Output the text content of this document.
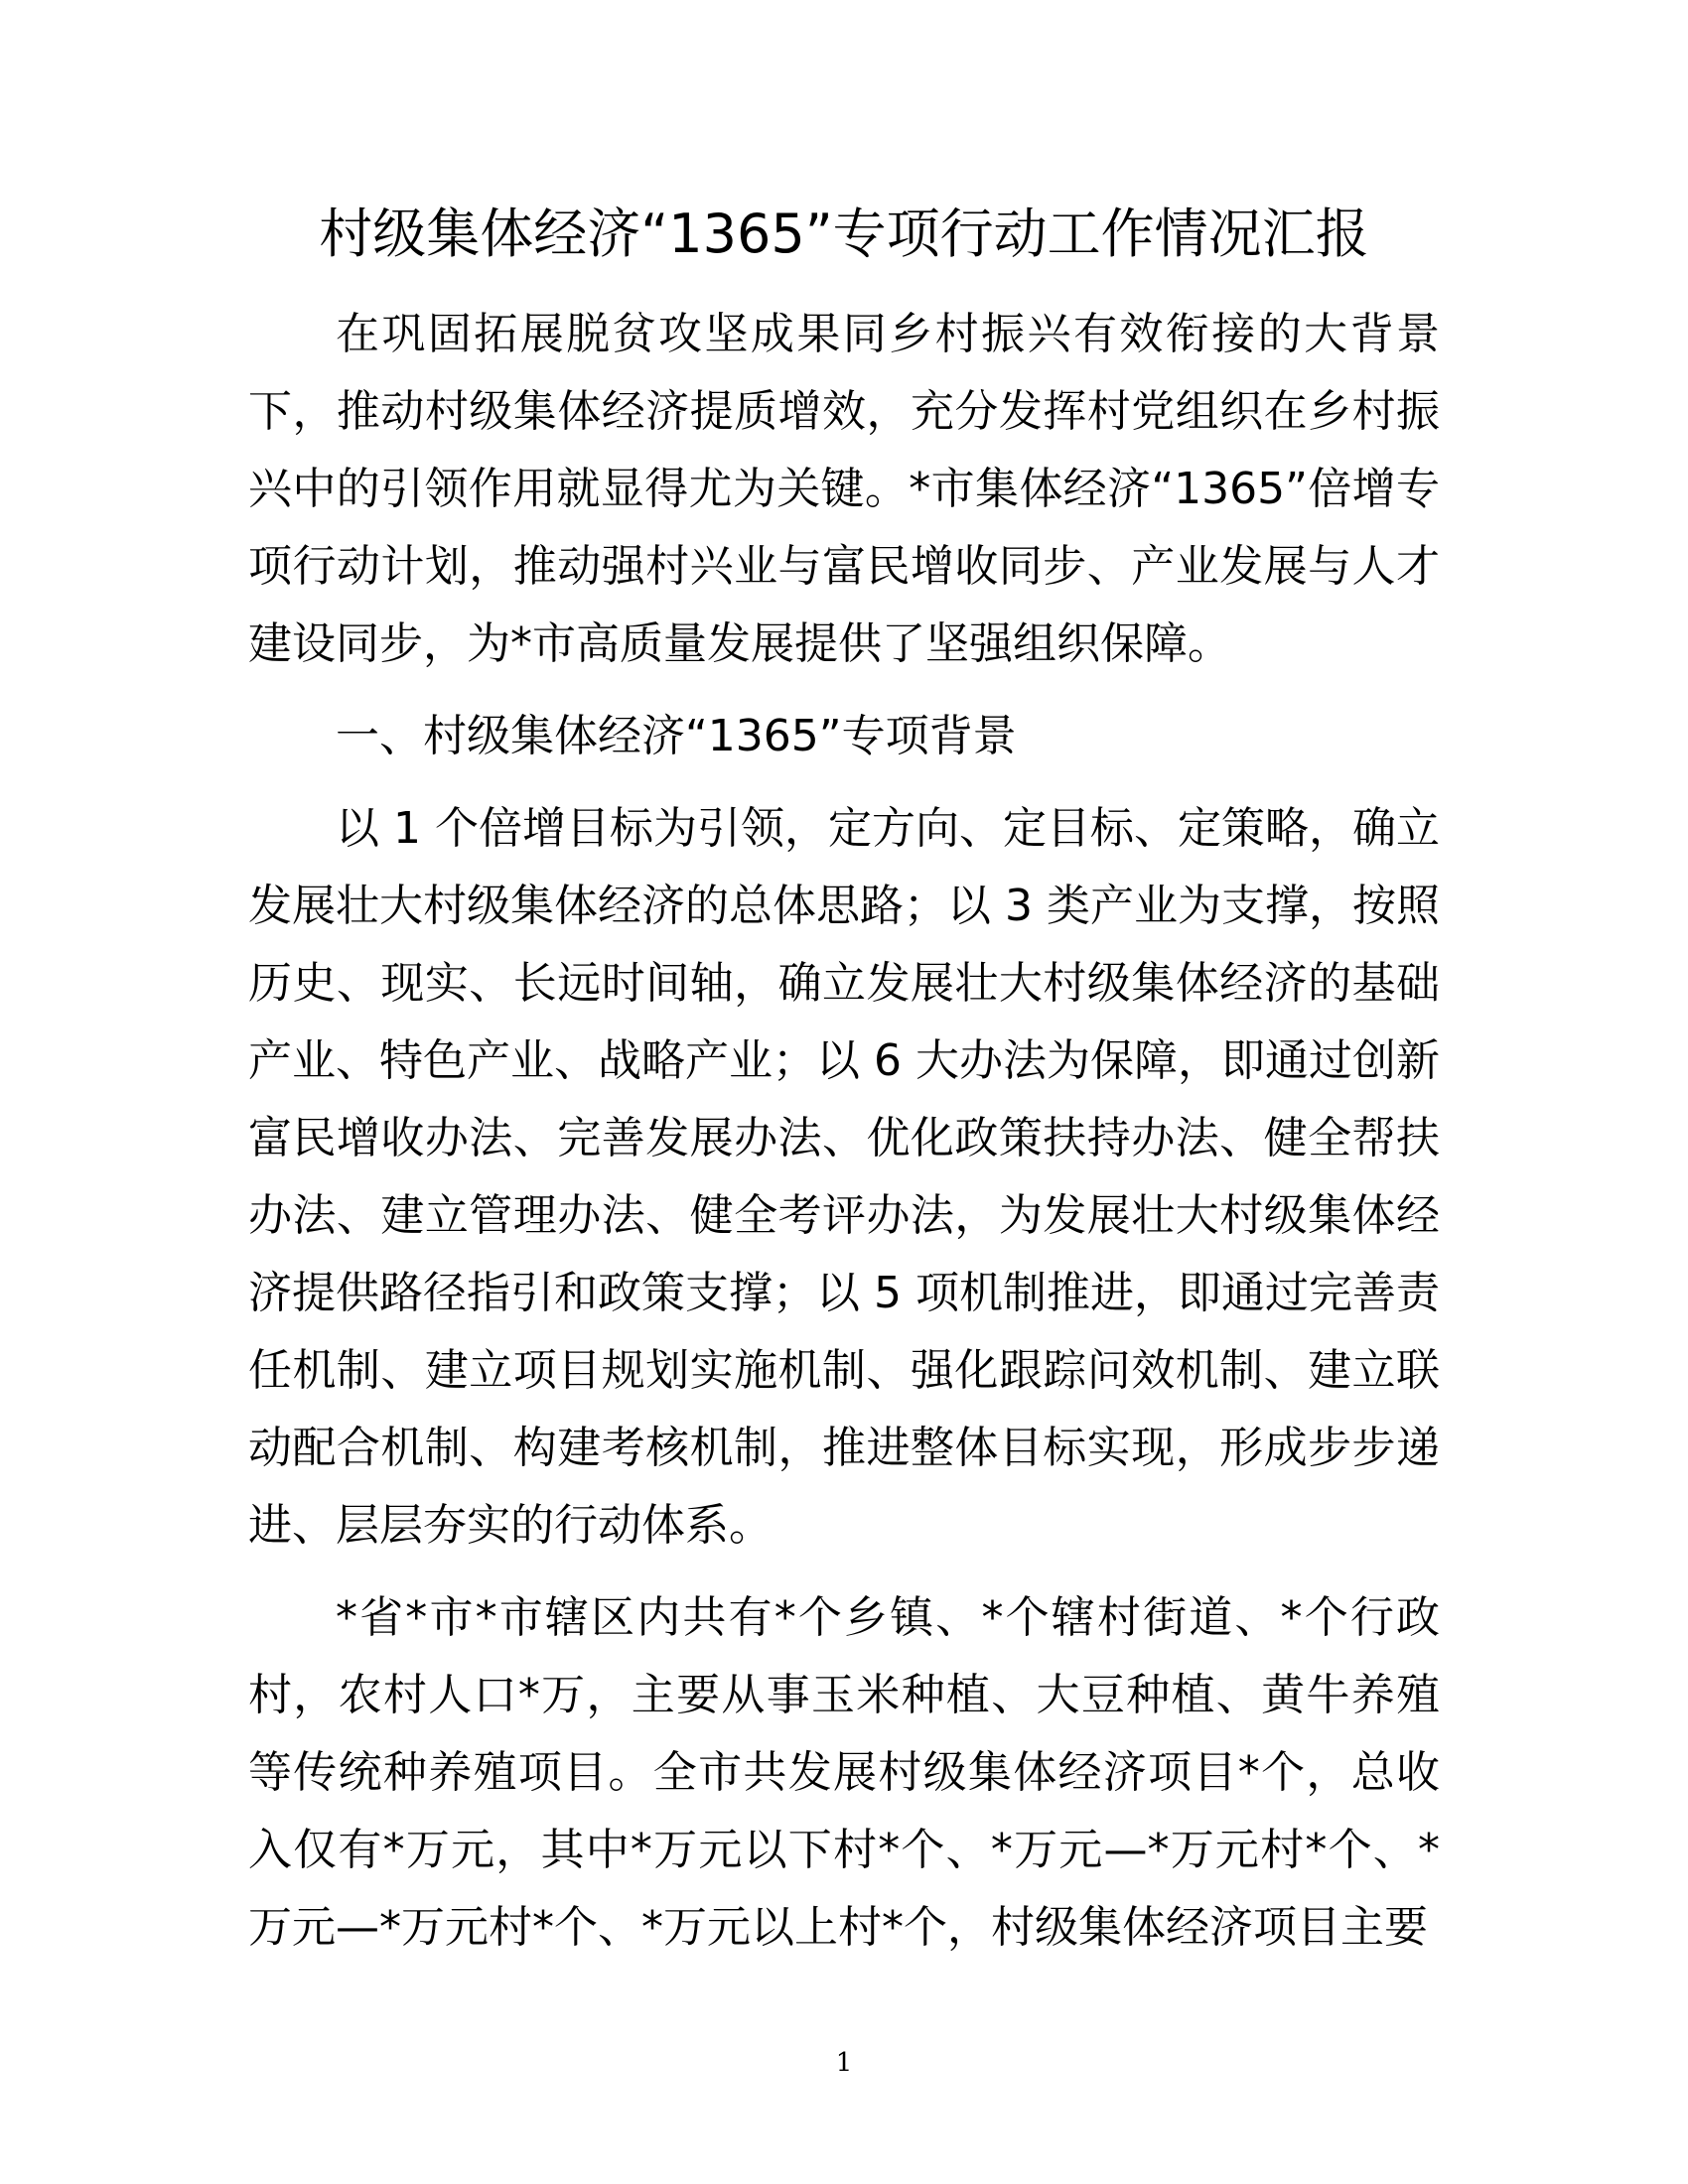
村级集体经济“1365”专项行动工作情况汇报

在巩固拓展脱贫攻坚成果同乡村振兴有效衔接的大背景下，推动村级集体经济提质增效，充分发挥村党组织在乡村振兴中的引领作用就显得尤为关键。*市集体经济“1365”倍增专项行动计划，推动强村兴业与富民增收同步、产业发展与人才建设同步，为*市高质量发展提供了坚强组织保障。

一、村级集体经济“1365”专项背景

以 1 个倍增目标为引领，定方向、定目标、定策略，确立发展壮大村级集体经济的总体思路；以 3 类产业为支撑，按照历史、现实、长远时间轴，确立发展壮大村级集体经济的基础产业、特色产业、战略产业；以 6 大办法为保障，即通过创新富民增收办法、完善发展办法、优化政策扶持办法、健全帮扶办法、建立管理办法、健全考评办法，为发展壮大村级集体经济提供路径指引和政策支撑；以 5 项机制推进，即通过完善责任机制、建立项目规划实施机制、强化跟踪问效机制、建立联动配合机制、构建考核机制，推进整体目标实现，形成步步递进、层层夯实的行动体系。

*省*市*市辖区内共有*个乡镇、*个辖村街道、*个行政村，农村人口*万，主要从事玉米种植、大豆种植、黄牛养殖等传统种养殖项目。全市共发展村级集体经济项目*个，总收入仅有*万元，其中*万元以下村*个、*万元—*万元村*个、*万元—*万元村*个、*万元以上村*个，村级集体经济项目主要

1
